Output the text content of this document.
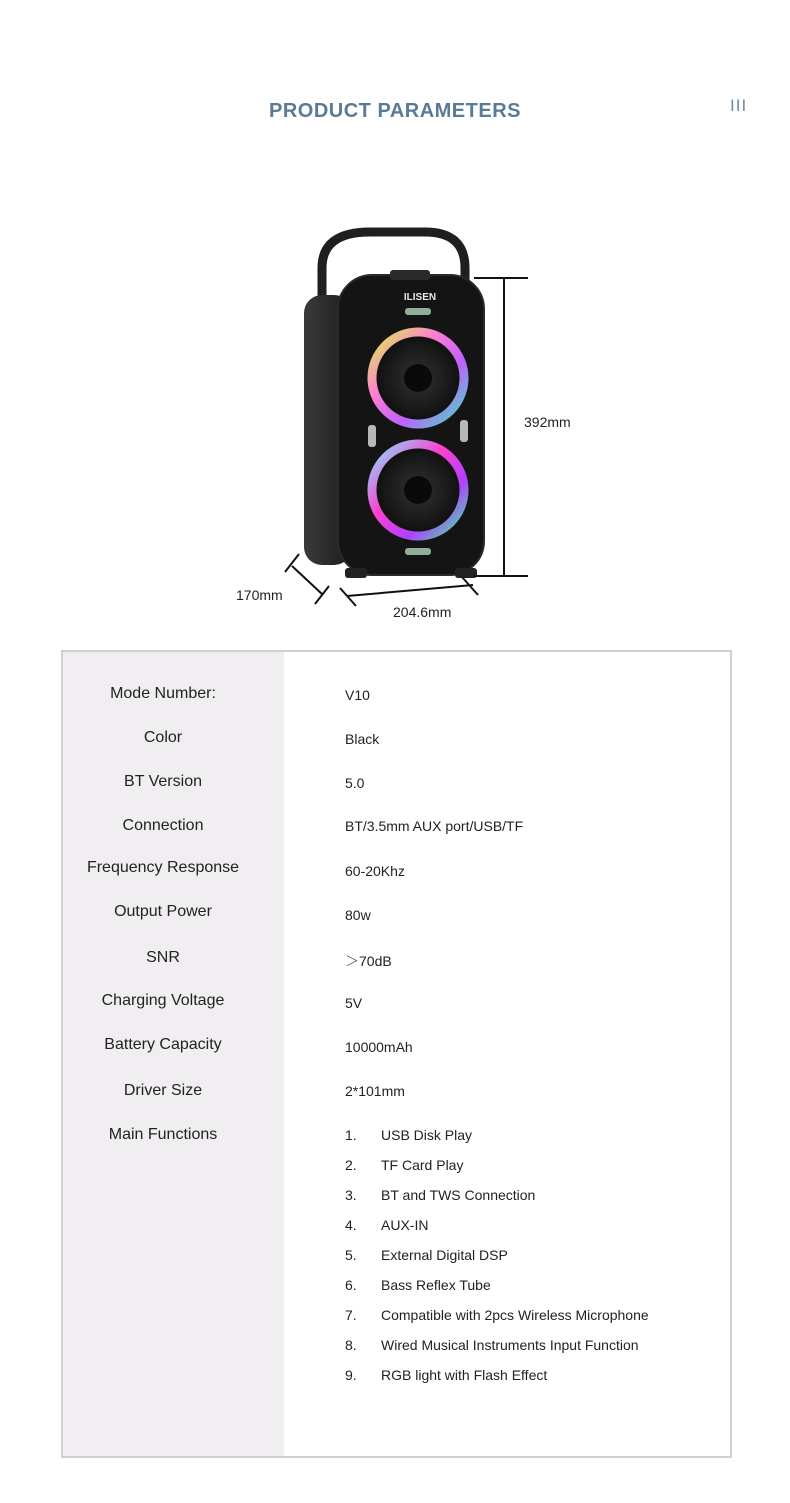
PRODUCT PARAMETERS	III
ILISEN
392mm
170mm
204.6mm
Mode Number:	V10
Color	Black
BT Version	5.0
Connection	BT/3.5mm AUX port/USB/TF
Frequency Response	60-20Khz
Output Power	80w
SNR	＞70dB
Charging Voltage	5V
Battery Capacity	10000mAh
Driver Size	2*101mm
Main Functions	1. USB Disk Play
2. TF Card Play
3. BT and TWS Connection
4. AUX-IN
5. External Digital DSP
6. Bass Reflex Tube
7. Compatible with 2pcs Wireless Microphone
8. Wired Musical Instruments Input Function
9. RGB light with Flash Effect
